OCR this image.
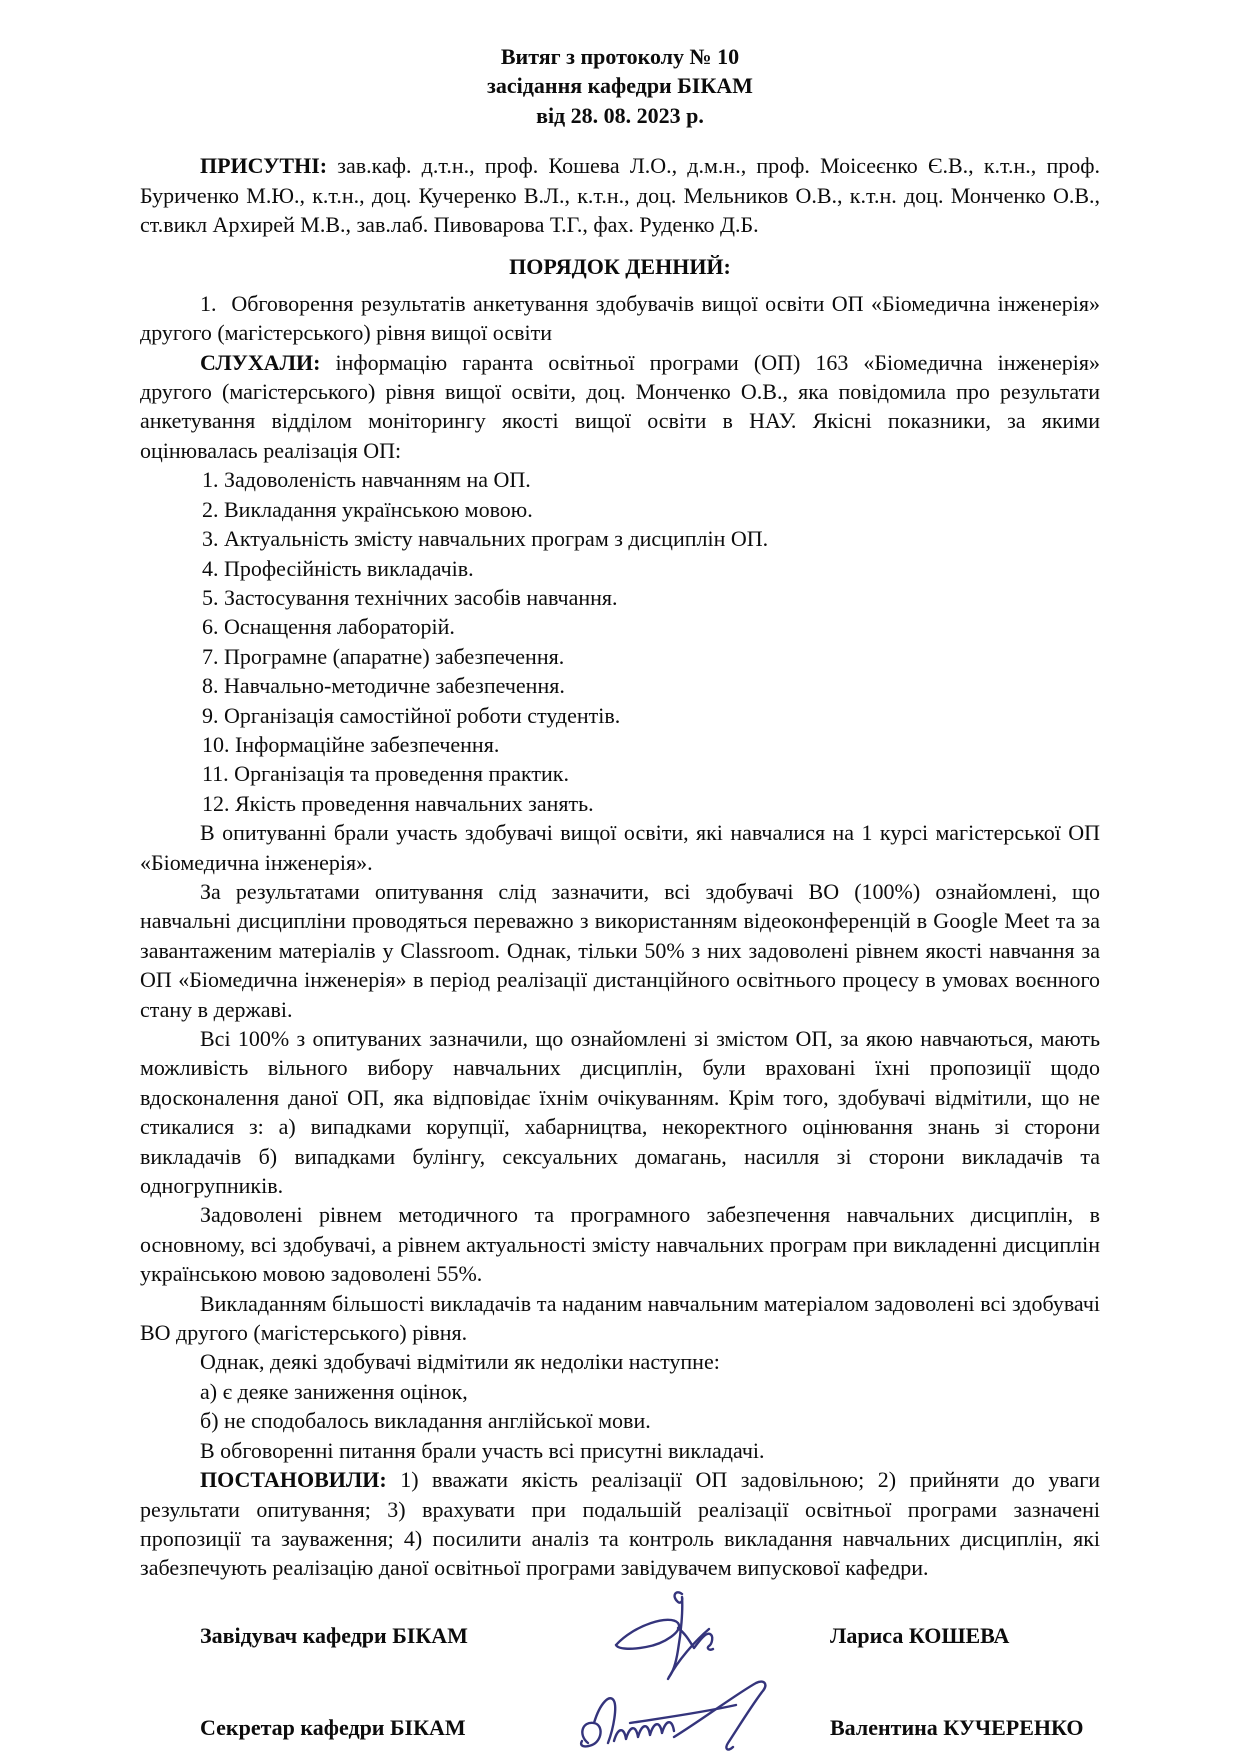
Витяг з протоколу № 10
засідання кафедри БІКАМ
від 28. 08. 2023 р.

ПРИСУТНІ: зав.каф. д.т.н., проф. Кошева Л.О., д.м.н., проф. Моісеєнко Є.В., к.т.н., проф. Буриченко М.Ю., к.т.н., доц. Кучеренко В.Л., к.т.н., доц. Мельников О.В., к.т.н. доц. Монченко О.В., ст.викл Архирей М.В., зав.лаб. Пивоварова Т.Г., фах. Руденко Д.Б.

ПОРЯДОК ДЕННИЙ:

1.  Обговорення результатів анкетування здобувачів вищої освіти ОП «Біомедична інженерія» другого (магістерського) рівня вищої освіти

СЛУХАЛИ: інформацію гаранта освітньої програми (ОП) 163 «Біомедична інженерія» другого (магістерського) рівня вищої освіти, доц. Монченко О.В., яка повідомила про результати анкетування відділом моніторингу якості вищої освіти в НАУ. Якісні показники, за якими оцінювалась реалізація ОП:

1. Задоволеність навчанням на ОП.

2. Викладання українською мовою.

3. Актуальність змісту навчальних програм з дисциплін ОП.

4. Професійність викладачів.

5. Застосування технічних засобів навчання.

6. Оснащення лабораторій.

7. Програмне (апаратне) забезпечення.

8. Навчально-методичне забезпечення.

9. Організація самостійної роботи студентів.

10. Інформаційне забезпечення.

11. Організація та проведення практик.

12. Якість проведення навчальних занять.

В опитуванні брали участь здобувачі вищої освіти, які навчалися на 1 курсі магістерської ОП «Біомедична інженерія».

За результатами опитування слід зазначити, всі здобувачі ВО (100%) ознайомлені, що навчальні дисципліни проводяться переважно з використанням відеоконференцій в Google Meet та за завантаженим матеріалів у Classroom. Однак, тільки 50% з них задоволені рівнем якості навчання за ОП «Біомедична інженерія» в період реалізації дистанційного освітнього процесу в умовах воєнного стану в державі.

Всі 100% з опитуваних зазначили, що ознайомлені зі змістом ОП, за якою навчаються, мають можливість вільного вибору навчальних дисциплін, були враховані їхні пропозиції щодо вдосконалення даної ОП, яка відповідає їхнім очікуванням. Крім того, здобувачі відмітили, що не стикалися з: а) випадками корупції, хабарництва, некоректного оцінювання знань зі сторони викладачів б) випадками булінгу, сексуальних домагань, насилля зі сторони викладачів та одногрупників.

Задоволені рівнем методичного та програмного забезпечення навчальних дисциплін, в основному, всі здобувачі, а рівнем актуальності змісту навчальних програм при викладенні дисциплін українською мовою задоволені 55%.

Викладанням більшості викладачів та наданим навчальним матеріалом задоволені всі здобувачі ВО другого (магістерського) рівня.

Однак, деякі здобувачі відмітили як недоліки наступне:

а) є деяке заниження оцінок,

б) не сподобалось викладання англійської мови.

В обговоренні питання брали участь всі присутні викладачі.

ПОСТАНОВИЛИ: 1) вважати якість реалізації ОП задовільною; 2) прийняти до уваги результати опитування; 3) врахувати при подальшій реалізації освітньої програми зазначені пропозиції та зауваження; 4) посилити аналіз та контроль викладання навчальних дисциплін, які забезпечують реалізацію даної освітньої програми завідувачем випускової кафедри.

Завідувач кафедри БІКАМ	Лариса КОШЕВА
Секретар кафедри БІКАМ	Валентина КУЧЕРЕНКО
